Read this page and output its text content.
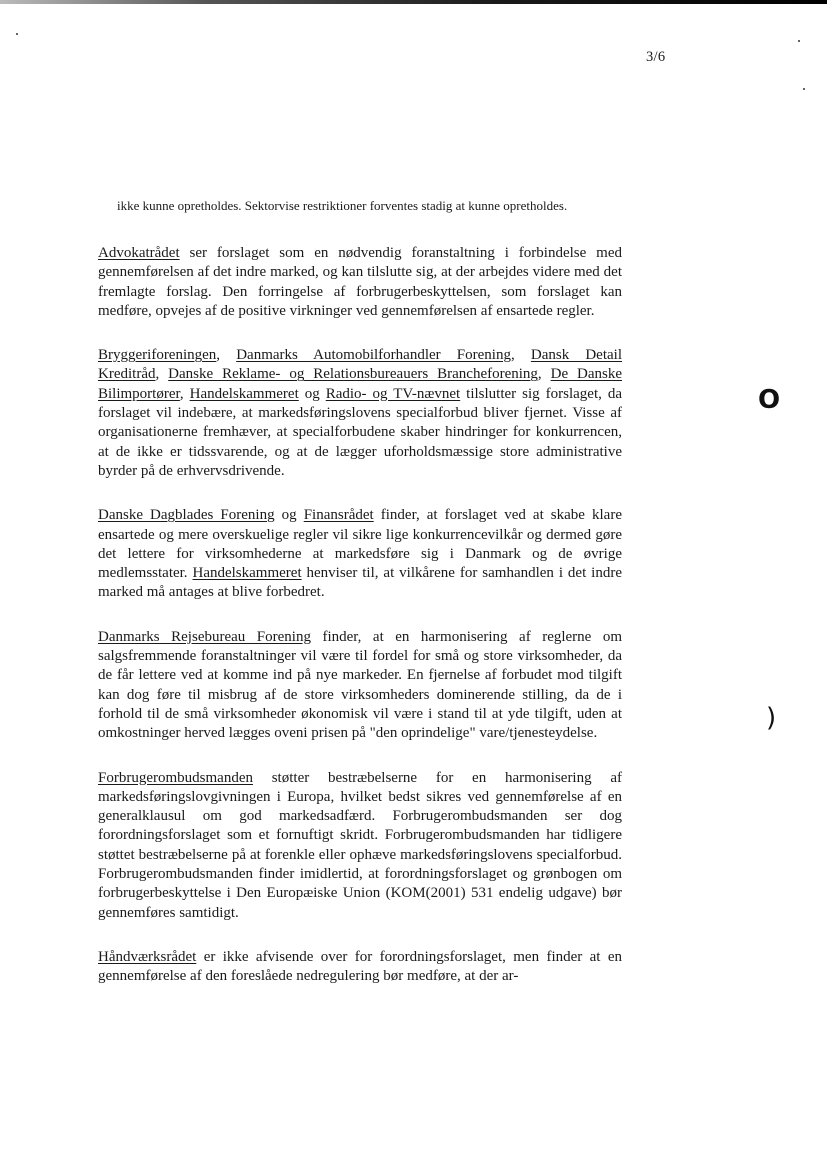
3/6

ikke kunne opretholdes. Sektorvise restriktioner forventes stadig at kunne opretholdes.

Advokatrådet ser forslaget som en nødvendig foranstaltning i forbindelse med gennemførelsen af det indre marked, og kan tilslutte sig, at der arbejdes videre med det fremlagte forslag. Den forringelse af forbrugerbeskyttelsen, som forslaget kan medføre, opvejes af de positive virkninger ved gennemførelsen af ensartede regler.

Bryggeriforeningen, Danmarks Automobilforhandler Forening, Dansk Detail Kreditråd, Danske Reklame- og Relationsbureauers Brancheforening, De Danske Bilimportører, Handelskammeret og Radio- og TV-nævnet tilslutter sig forslaget, da forslaget vil indebære, at markedsføringslovens specialforbud bliver fjernet. Visse af organisationerne fremhæver, at specialforbudene skaber hindringer for konkurrencen, at de ikke er tidssvarende, og at de lægger uforholdsmæssige store administrative byrder på de erhvervsdrivende.

Danske Dagblades Forening og Finansrådet finder, at forslaget ved at skabe klare ensartede og mere overskuelige regler vil sikre lige konkurrencevilkår og dermed gøre det lettere for virksomhederne at markedsføre sig i Danmark og de øvrige medlemsstater. Handelskammeret henviser til, at vilkårene for samhandlen i det indre marked må antages at blive forbedret.

Danmarks Rejsebureau Forening finder, at en harmonisering af reglerne om salgsfremmende foranstaltninger vil være til fordel for små og store virksomheder, da de får lettere ved at komme ind på nye markeder. En fjernelse af forbudet mod tilgift kan dog føre til misbrug af de store virksomheders dominerende stilling, da de i forhold til de små virksomheder økonomisk vil være i stand til at yde tilgift, uden at omkostninger herved lægges oveni prisen på "den oprindelige" vare/tjenesteydelse.

Forbrugerombudsmanden støtter bestræbelserne for en harmonisering af markedsføringslovgivningen i Europa, hvilket bedst sikres ved gennemførelse af en generalklausul om god markedsadfærd. Forbrugerombudsmanden ser dog forordningsforslaget som et fornuftigt skridt. Forbrugerombudsmanden har tidligere støttet bestræbelserne på at forenkle eller ophæve markedsføringslovens specialforbud. Forbrugerombudsmanden finder imidlertid, at forordningsforslaget og grønbogen om forbrugerbeskyttelse i Den Europæiske Union (KOM(2001) 531 endelig udgave) bør gennemføres samtidigt.

Håndværksrådet er ikke afvisende over for forordningsforslaget, men finder at en gennemførelse af den foreslåede nedregulering bør medføre, at der ar-

O
)
